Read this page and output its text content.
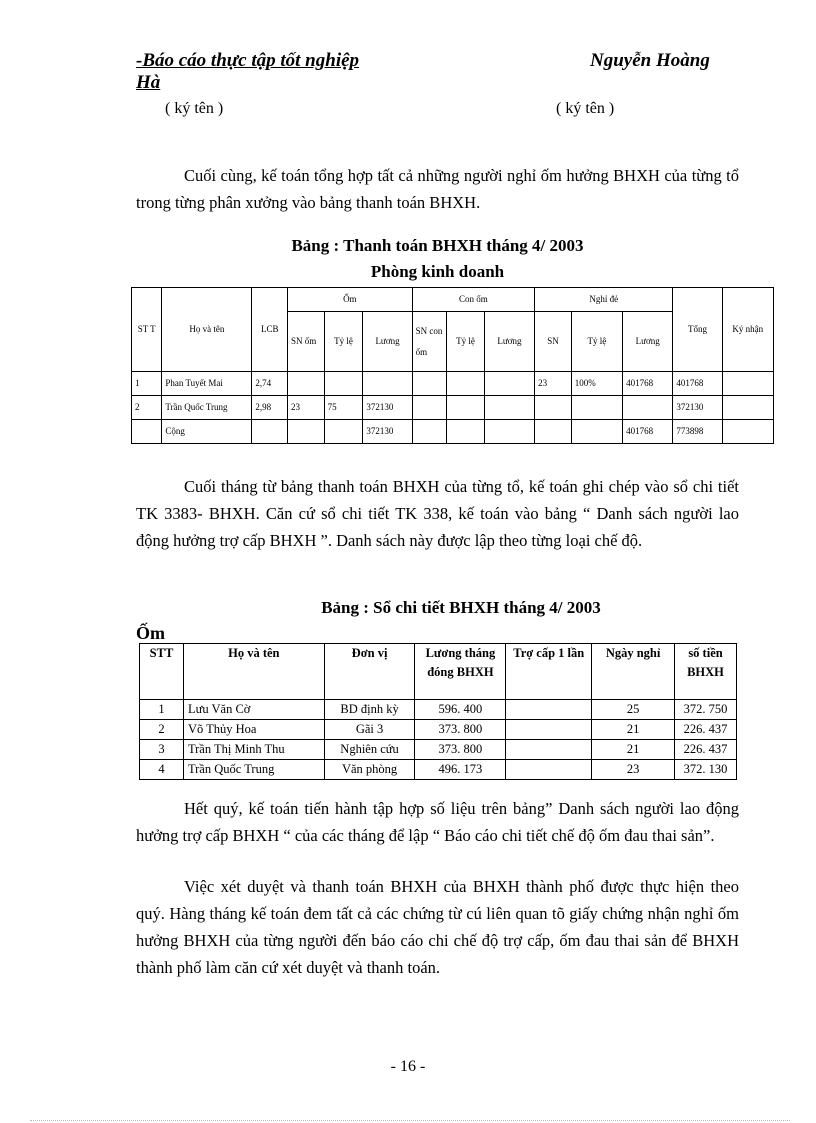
-Báo cáo thực tập tốt nghiệp	Nguyễn Hoàng

Hà
( ký tên )	( ký tên )
Cuối cùng, kế toán tổng hợp tất cả những người nghỉ ốm hưởng BHXH của từng tổ trong từng phân xưởng vào bảng thanh toán BHXH.
Bảng : Thanh toán BHXH tháng 4/ 2003
Phòng kinh doanh
ST T	Họ và tên	LCB	Ốm			Con ốm			Nghỉ đẻ			Tổng	Ký nhận
			SN ốm	Tỷ lệ	Lương	SN con ốm	Tỷ lệ	Lương	SN	Tỷ lệ	Lương		
1	Phan Tuyết Mai	2,74							23	100%	401768	401768	
2	Trần Quốc Trung	2,98	23	75	372130							372130	
	Cộng				372130						401768	773898	
Cuối tháng từ bảng thanh toán BHXH của từng tổ, kế toán ghi chép vào sổ chi tiết TK 3383- BHXH. Căn cứ sổ chi tiết TK 338, kế toán vào bảng “ Danh sách người lao động hưởng trợ cấp BHXH ”. Danh sách này được lập theo từng loại chế độ.
Bảng : Sổ chi tiết BHXH tháng 4/ 2003
Ốm
STT	Họ và tên	Đơn vị	Lương tháng đóng BHXH	Trợ cấp 1 lần	Ngày nghỉ	số tiền BHXH
1	Lưu Văn Cờ	BD định kỳ	596. 400		25	372. 750
2	Võ Thủy Hoa	Gãi 3	373. 800		21	226. 437
3	Trần Thị Minh Thu	Nghiên cứu	373. 800		21	226. 437
4	Trần Quốc Trung	Văn phòng	496. 173		23	372. 130
Hết quý, kế toán tiến hành tập hợp số liệu trên bảng” Danh sách người lao động hưởng trợ cấp BHXH “ của các tháng để lập “ Báo cáo chi tiết chế độ ốm đau thai sản”.
Việc xét duyệt và thanh toán BHXH của BHXH thành phố được thực hiện theo quý. Hàng tháng kế toán đem tất cả các chứng từ cú liên quan tõ giấy chứng nhận nghỉ ốm hưởng BHXH của từng người đến báo cáo chi chế độ trợ cấp, ốm đau thai sản để BHXH thành phố làm căn cứ xét duyệt và thanh toán.
- 16 -
